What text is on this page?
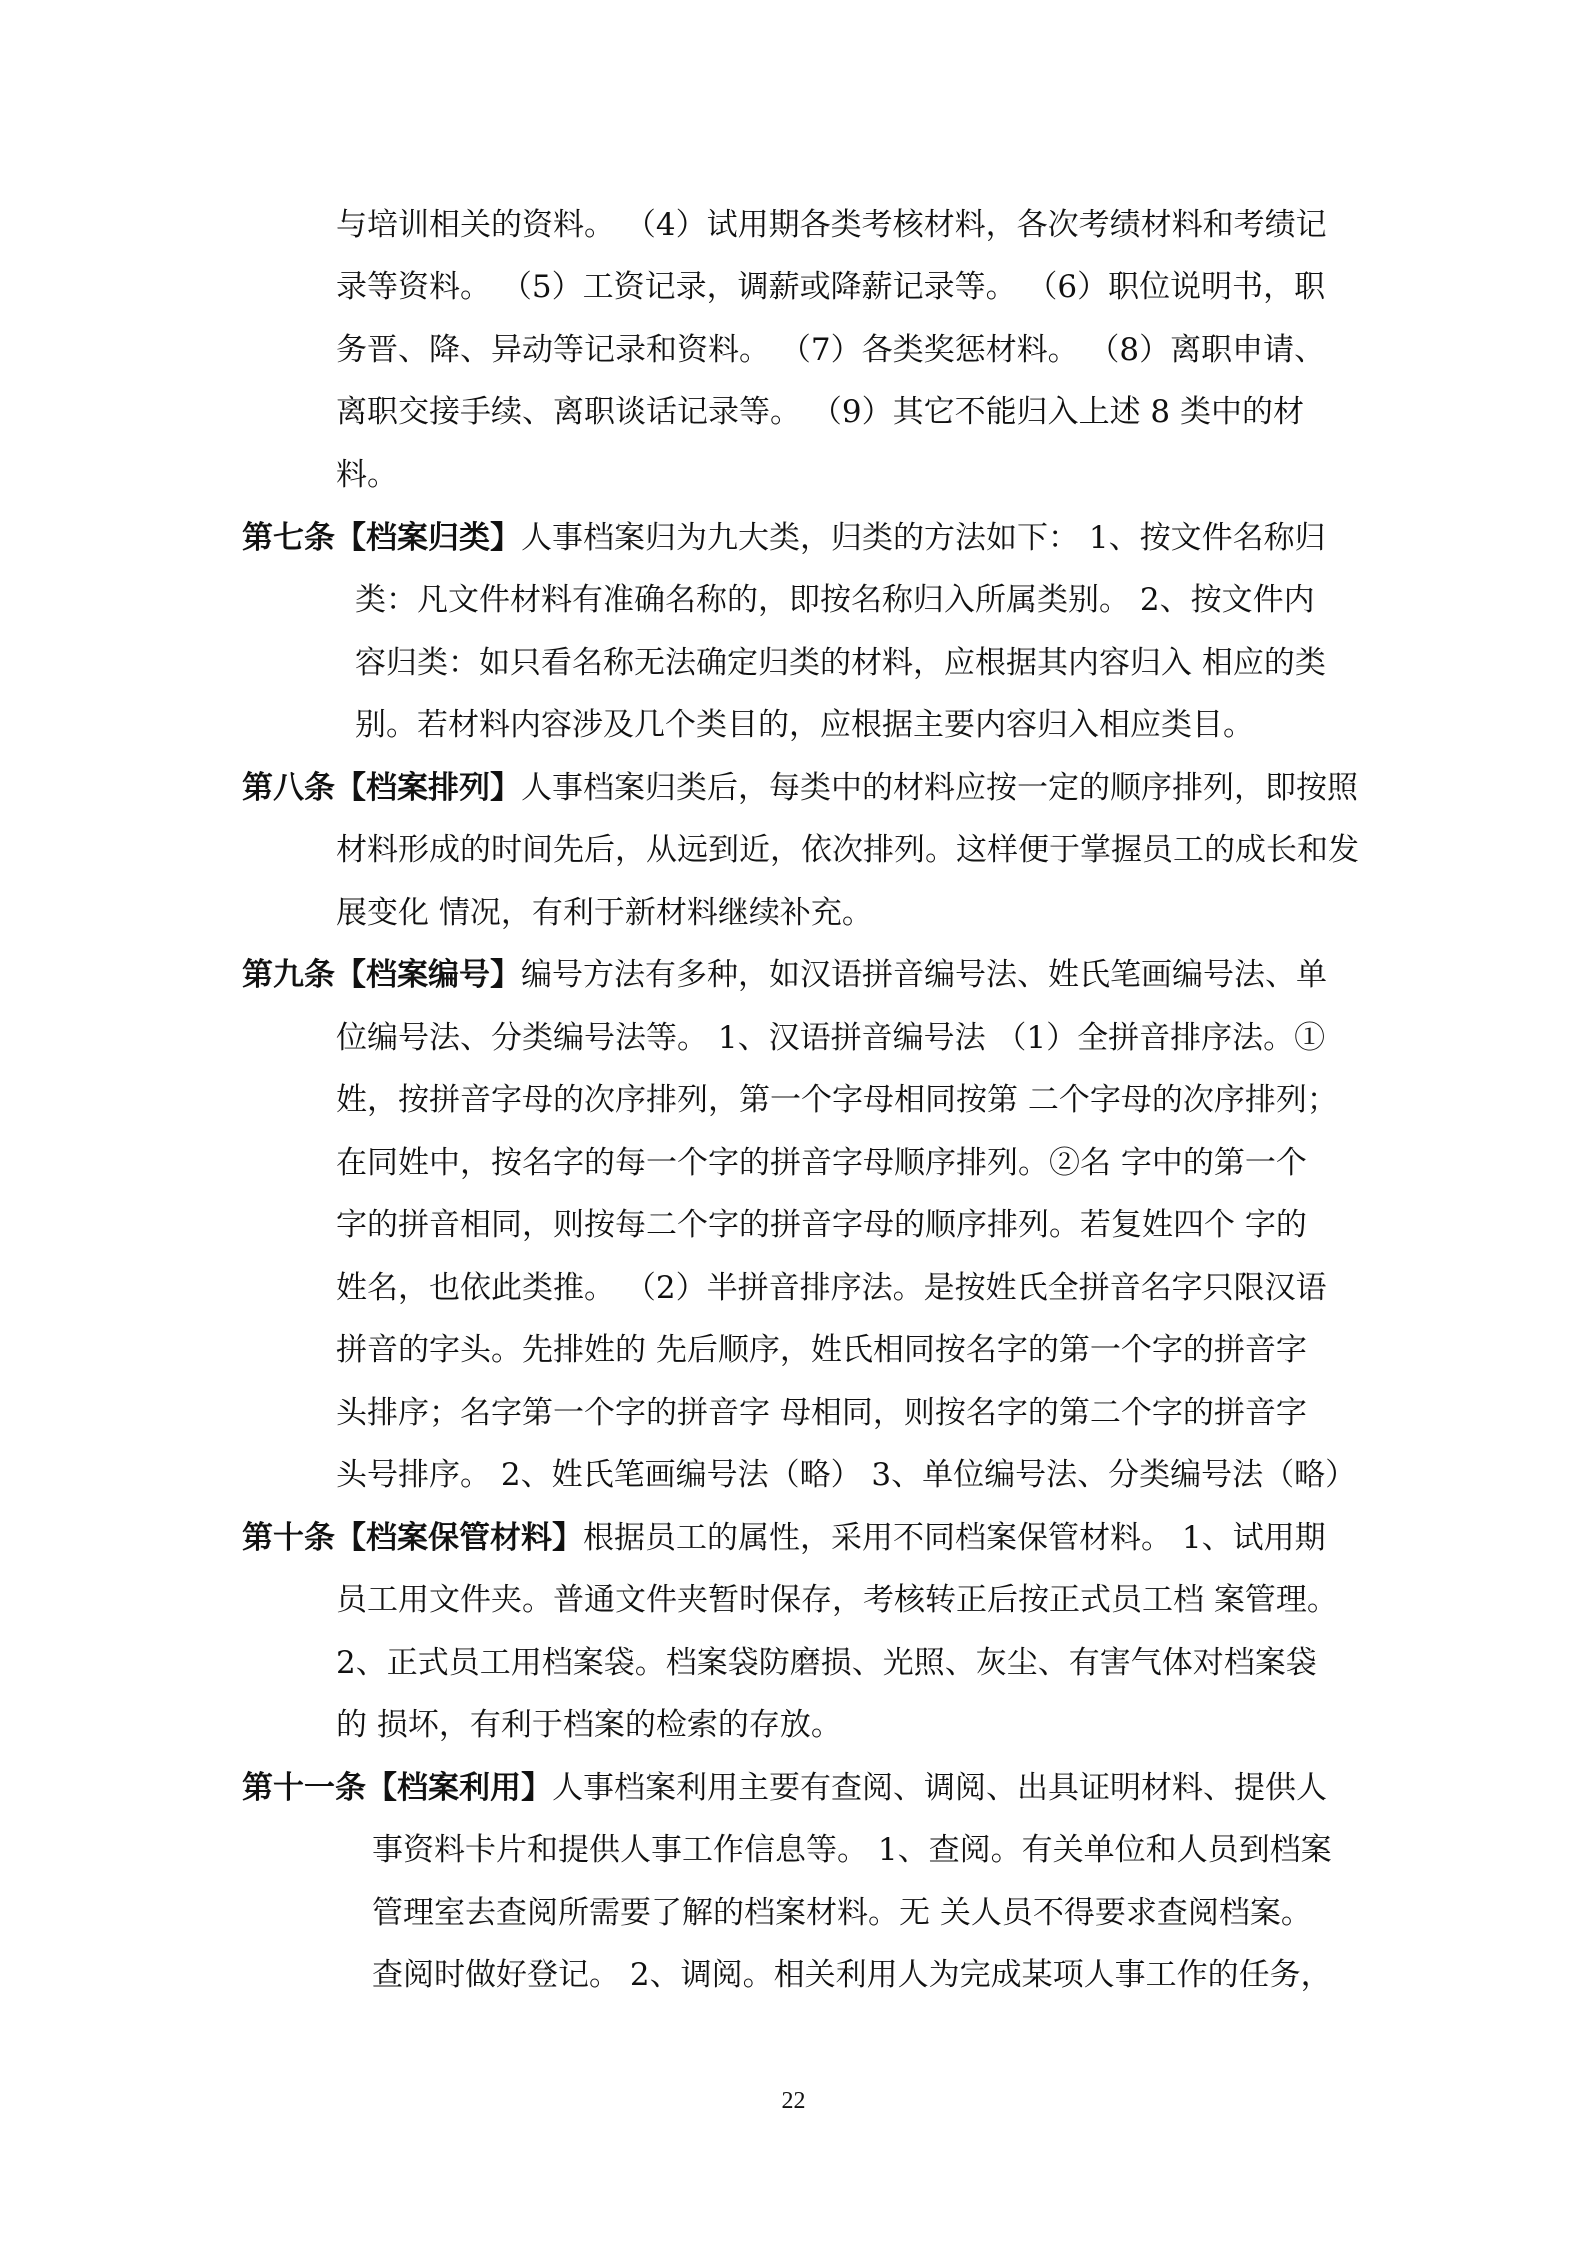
与培训相关的资料。 （4）试用期各类考核材料，各次考绩材料和考绩记
录等资料。 （5）工资记录，调薪或降薪记录等。 （6）职位说明书，职
务晋、降、异动等记录和资料。 （7）各类奖惩材料。 （8）离职申请、
离职交接手续、离职谈话记录等。 （9）其它不能归入上述 8 类中的材
料。
第七条【档案归类】人事档案归为九大类，归类的方法如下： 1、按文件名称归
类：凡文件材料有准确名称的，即按名称归入所属类别。 2、按文件内
容归类：如只看名称无法确定归类的材料，应根据其内容归入 相应的类
别。若材料内容涉及几个类目的，应根据主要内容归入相应类目。
第八条【档案排列】人事档案归类后，每类中的材料应按一定的顺序排列，即按照
材料形成的时间先后，从远到近，依次排列。这样便于掌握员工的成长和发
展变化 情况，有利于新材料继续补充。
第九条【档案编号】编号方法有多种，如汉语拼音编号法、姓氏笔画编号法、单
位编号法、分类编号法等。 1、汉语拼音编号法 （1）全拼音排序法。①
姓，按拼音字母的次序排列，第一个字母相同按第 二个字母的次序排列；
在同姓中，按名字的每一个字的拼音字母顺序排列。②名 字中的第一个
字的拼音相同，则按每二个字的拼音字母的顺序排列。若复姓四个 字的
姓名，也依此类推。 （2）半拼音排序法。是按姓氏全拼音名字只限汉语
拼音的字头。先排姓的 先后顺序，姓氏相同按名字的第一个字的拼音字
头排序；名字第一个字的拼音字 母相同，则按名字的第二个字的拼音字
头号排序。 2、姓氏笔画编号法（略） 3、单位编号法、分类编号法（略）
第十条【档案保管材料】根据员工的属性，采用不同档案保管材料。 1、试用期
员工用文件夹。普通文件夹暂时保存，考核转正后按正式员工档 案管理。
2、正式员工用档案袋。档案袋防磨损、光照、灰尘、有害气体对档案袋
的 损坏，有利于档案的检索的存放。
第十一条【档案利用】人事档案利用主要有查阅、调阅、出具证明材料、提供人
事资料卡片和提供人事工作信息等。 1、查阅。有关单位和人员到档案
管理室去查阅所需要了解的档案材料。无 关人员不得要求查阅档案。
查阅时做好登记。 2、调阅。相关利用人为完成某项人事工作的任务，
22
